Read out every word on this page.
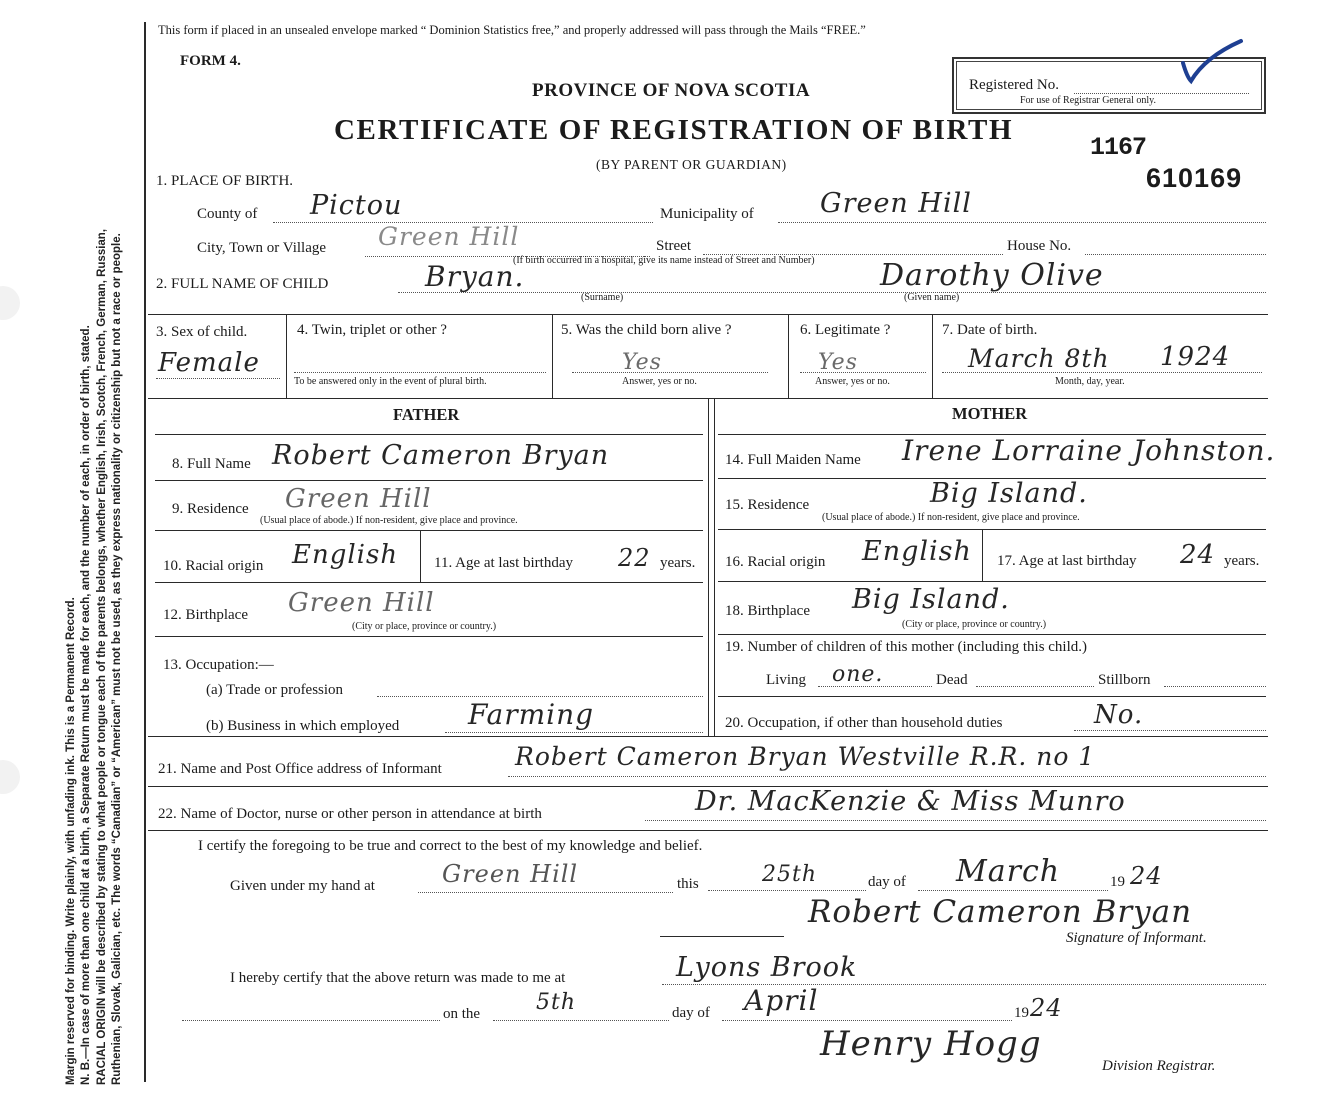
Margin reserved for binding. Write plainly, with unfading ink. This is a Permanent Record. N. B.—In case of more than one child at a birth, a Separate Return must be made for each, and the number of each, in order of birth, stated. RACIAL ORIGIN will be described by stating to what people or tongue each of the parents belongs, whether English, Irish, Scotch, French, German, Russian, Ruthenian, Slovak, Galician, etc. The words “Canadian” or “American” must not be used, as they express nationality or citizenship but not a race or people.
This form if placed in an unsealed envelope marked “ Dominion Statistics free,” and properly addressed will pass through the Mails “FREE.”
FORM 4.
PROVINCE OF NOVA SCOTIA
CERTIFICATE OF REGISTRATION OF BIRTH
(BY PARENT OR GUARDIAN)
Registered No.
For use of Registrar General only.
1167
610169
1. PLACE OF BIRTH.
County of Pictou	Municipality of Green Hill
City, Town or Village Green Hill	Street	House No.
(If birth occurred in a hospital, give its name instead of Street and Number)
2. FULL NAME OF CHILD	Bryan.
(Surname)
Darothy Olive
(Given name)
3. Sex of child.
Female
4. Twin, triplet or other ?
To be answered only in the event of plural birth.
5. Was the child born alive ?
Yes
Answer, yes or no.
6. Legitimate ?
Yes
Answer, yes or no.
7. Date of birth.
March 8th 1924
Month, day, year.
FATHER	MOTHER
8. Full Name Robert Cameron Bryan
9. Residence Green Hill
(Usual place of abode.) If non-resident, give place and province.
10. Racial origin English 11. Age at last birthday 22 years.
12. Birthplace Green Hill
(City or place, province or country.)
13. Occupation:—
(a) Trade or profession
(b) Business in which employed Farming
14. Full Maiden Name Irene Lorraine Johnston.
15. Residence	Big Island.
(Usual place of abode.) If non-resident, give place and province.
16. Racial origin English 17. Age at last birthday 24 years.
18. Birthplace Big Island.
(City or place, province or country.)
19. Number of children of this mother (including this child.)
Living one.	Dead	Stillborn
20. Occupation, if other than household duties	No.
21. Name and Post Office address of Informant	Robert Cameron Bryan Westville R.R. no 1
22. Name of Doctor, nurse or other person in attendance at birth	Dr. MacKenzie & Miss Munro
I certify the foregoing to be true and correct to the best of my knowledge and belief.
Given under my hand at	Green Hill	this	25th	day of March	19 24
Robert Cameron Bryan
Signature of Informant.
I hereby certify that the above return was made to me at	Lyons Brook
on the	5th	day of April	19 24
Henry Hogg
Division Registrar.
